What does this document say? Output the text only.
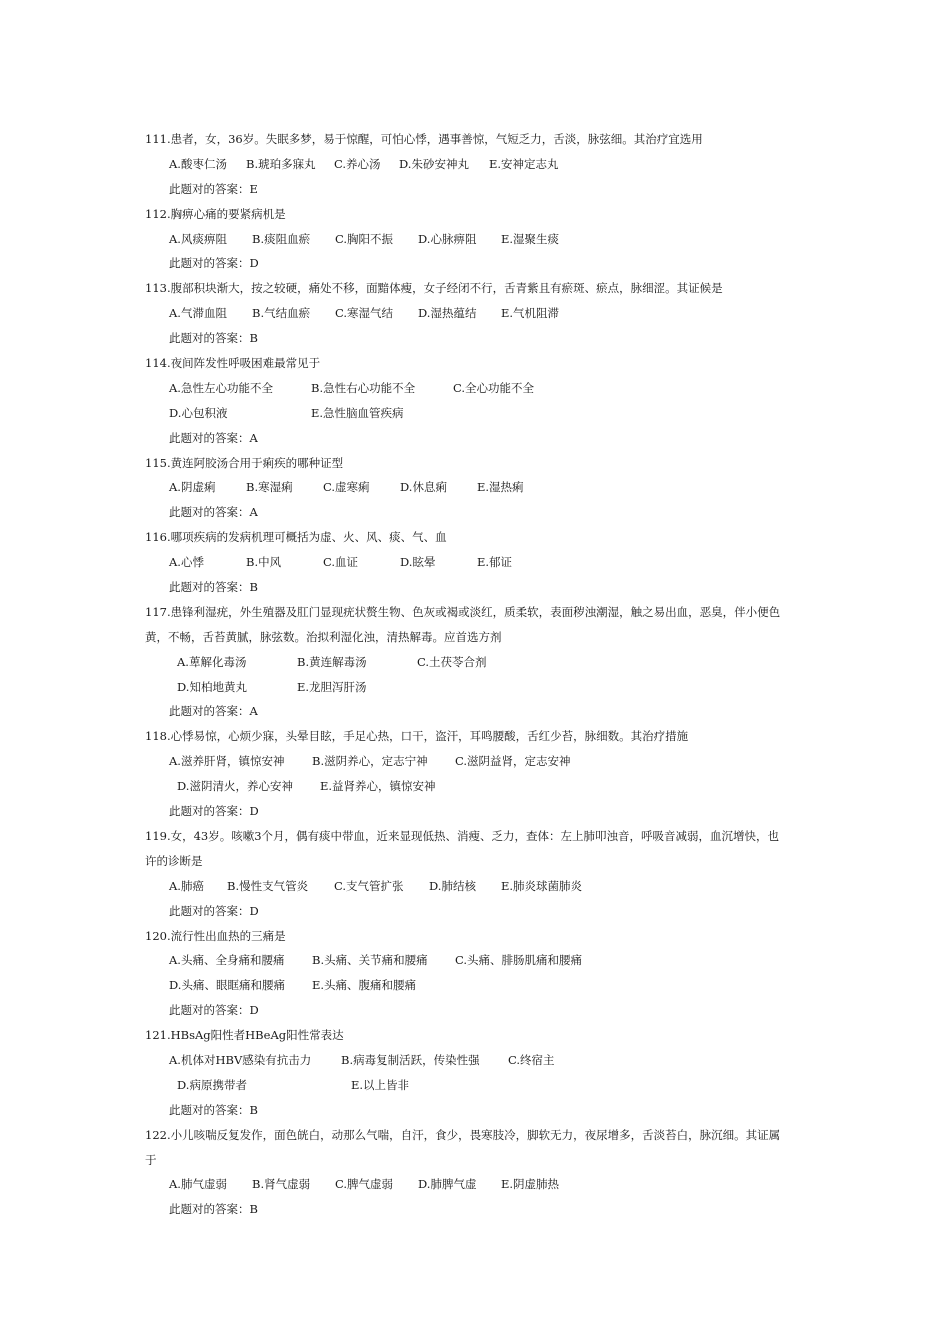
111.患者，女，36岁。失眠多梦，易于惊醒，可怕心悸，遇事善惊，气短乏力，舌淡，脉弦细。其治疗宜选用
A.酸枣仁汤 B.琥珀多寐丸 C.养心汤 D.朱砂安神丸 E.安神定志丸
此题对的答案：E
112.胸痹心痛的要紧病机是
A.风痰痹阻 B.痰阻血瘀 C.胸阳不振 D.心脉痹阻 E.湿聚生痰
此题对的答案：D
113.腹部积块渐大，按之较硬，痛处不移，面黯体瘦，女子经闭不行，舌青紫且有瘀斑、瘀点，脉细涩。其证候是
A.气滞血阻 B.气结血瘀 C.寒湿气结 D.湿热蕴结 E.气机阻滞
此题对的答案：B
114.夜间阵发性呼吸困难最常见于
A.急性左心功能不全	B.急性右心功能不全	C.全心功能不全
D.心包积液	E.急性脑血管疾病
此题对的答案：A
115.黄连阿胶汤合用于痢疾的哪种证型
A.阴虚痢	B.寒湿痢	C.虚寒痢	D.休息痢	E.湿热痢
此题对的答案：A
116.哪项疾病的发病机理可概括为虚、火、风、痰、气、血
A.心悸	B.中风	C.血证	D.眩晕	E.郁证
此题对的答案：B
117.患锋利湿疣，外生殖器及肛门显现疣状赘生物、色灰或褐或淡红，质柔软，表面秽浊潮湿，触之易出血，恶臭，伴小便色
黄，不畅，舌苔黄腻，脉弦数。治拟利湿化浊，清热解毒。应首选方剂
A.萆解化毒汤	B.黄连解毒汤	C.土茯苓合剂
D.知柏地黄丸	E.龙胆泻肝汤
此题对的答案：A
118.心悸易惊，心烦少寐，头晕目眩，手足心热，口干，盗汗，耳鸣腰酸，舌红少苔，脉细数。其治疗措施
A.滋养肝肾，镇惊安神 B.滋阴养心，定志宁神 C.滋阴益肾，定志安神
D.滋阴清火，养心安神 E.益肾养心，镇惊安神
此题对的答案：D
119.女，43岁。咳嗽3个月，偶有痰中带血，近来显现低热、消瘦、乏力，查体：左上肺叩浊音，呼吸音减弱，血沉增快，也
许的诊断是
A.肺癌 B.慢性支气管炎 C.支气管扩张 D.肺结核 E.肺炎球菌肺炎
此题对的答案：D
120.流行性出血热的三痛是
A.头痛、全身痛和腰痛 B.头痛、关节痛和腰痛 C.头痛、腓肠肌痛和腰痛
D.头痛、眼眶痛和腰痛 E.头痛、腹痛和腰痛
此题对的答案：D
121.HBsAg阳性者HBeAg阳性常表达
A.机体对HBV感染有抗击力	B.病毒复制活跃，传染性强 C.终宿主
D.病原携带者	E.以上皆非
此题对的答案：B
122.小儿咳喘反复发作，面色㿠白，动那么气喘，自汗，食少，畏寒肢冷，脚软无力，夜尿增多，舌淡苔白，脉沉细。其证属
于
A.肺气虚弱 B.肾气虚弱 C.脾气虚弱 D.肺脾气虚 E.阴虚肺热
此题对的答案：B
